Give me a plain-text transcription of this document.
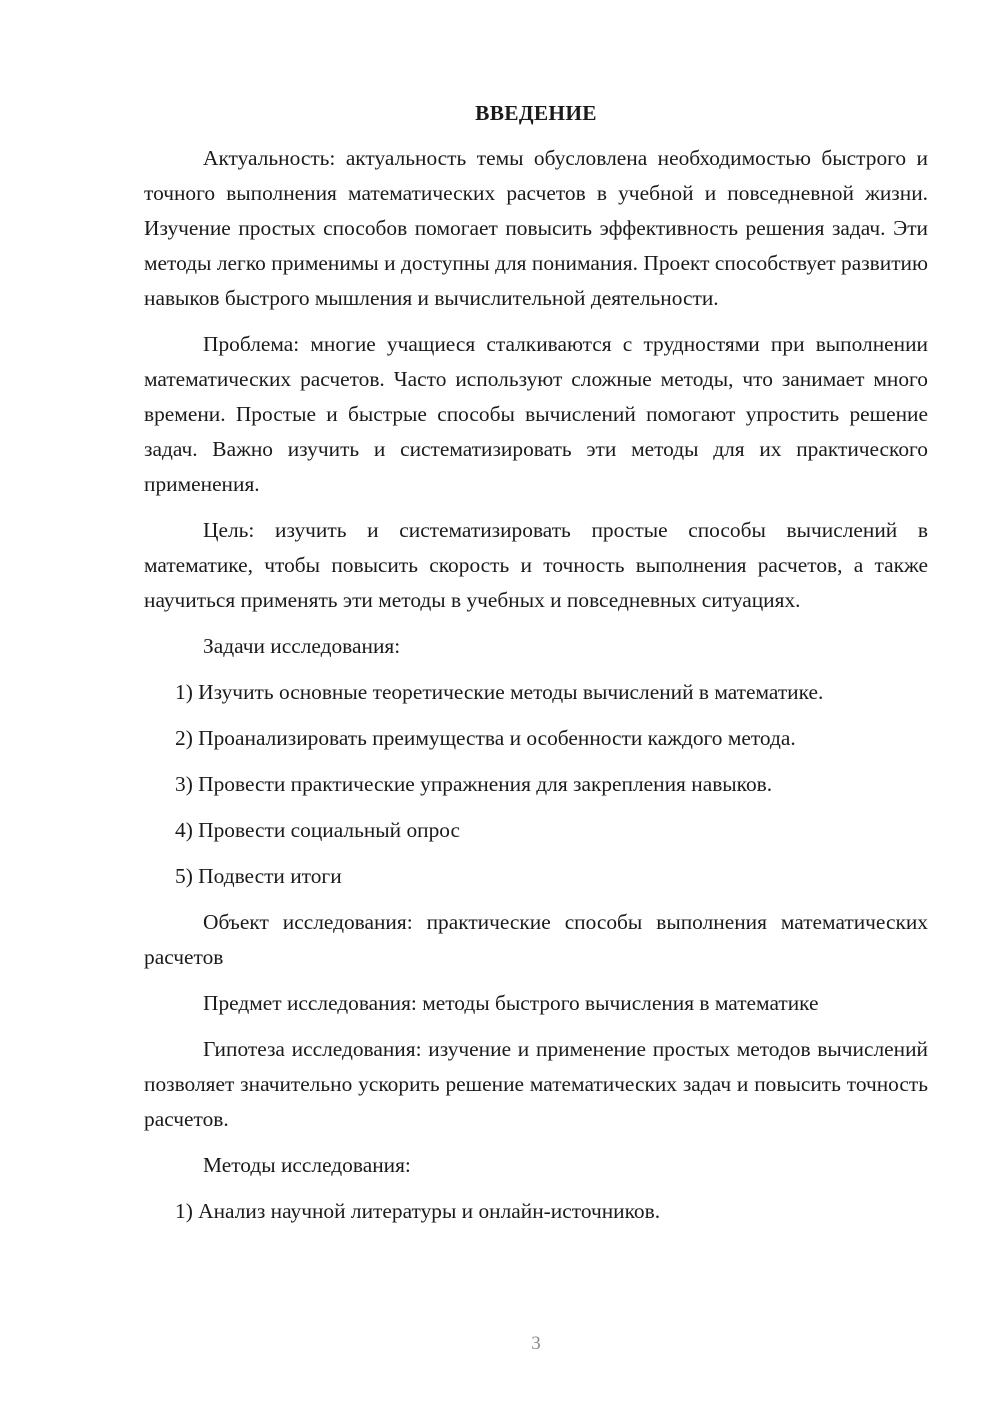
ВВЕДЕНИЕ

Актуальность: актуальность темы обусловлена необходимостью быстрого и точного выполнения математических расчетов в учебной и повседневной жизни. Изучение простых способов помогает повысить эффективность решения задач. Эти методы легко применимы и доступны для понимания. Проект способствует развитию навыков быстрого мышления и вычислительной деятельности.

Проблема: многие учащиеся сталкиваются с трудностями при выполнении математических расчетов. Часто используют сложные методы, что занимает много времени. Простые и быстрые способы вычислений помогают упростить решение задач. Важно изучить и систематизировать эти методы для их практического применения.

Цель: изучить и систематизировать простые способы вычислений в математике, чтобы повысить скорость и точность выполнения расчетов, а также научиться применять эти методы в учебных и повседневных ситуациях.

Задачи исследования:

1) Изучить основные теоретические методы вычислений в математике.

2) Проанализировать преимущества и особенности каждого метода.

3) Провести практические упражнения для закрепления навыков.

4) Провести социальный опрос

5) Подвести итоги

Объект исследования: практические способы выполнения математических расчетов

Предмет исследования: методы быстрого вычисления в математике

Гипотеза исследования: изучение и применение простых методов вычислений позволяет значительно ускорить решение математических задач и повысить точность расчетов.

Методы исследования:

1) Анализ научной литературы и онлайн-источников.

3
